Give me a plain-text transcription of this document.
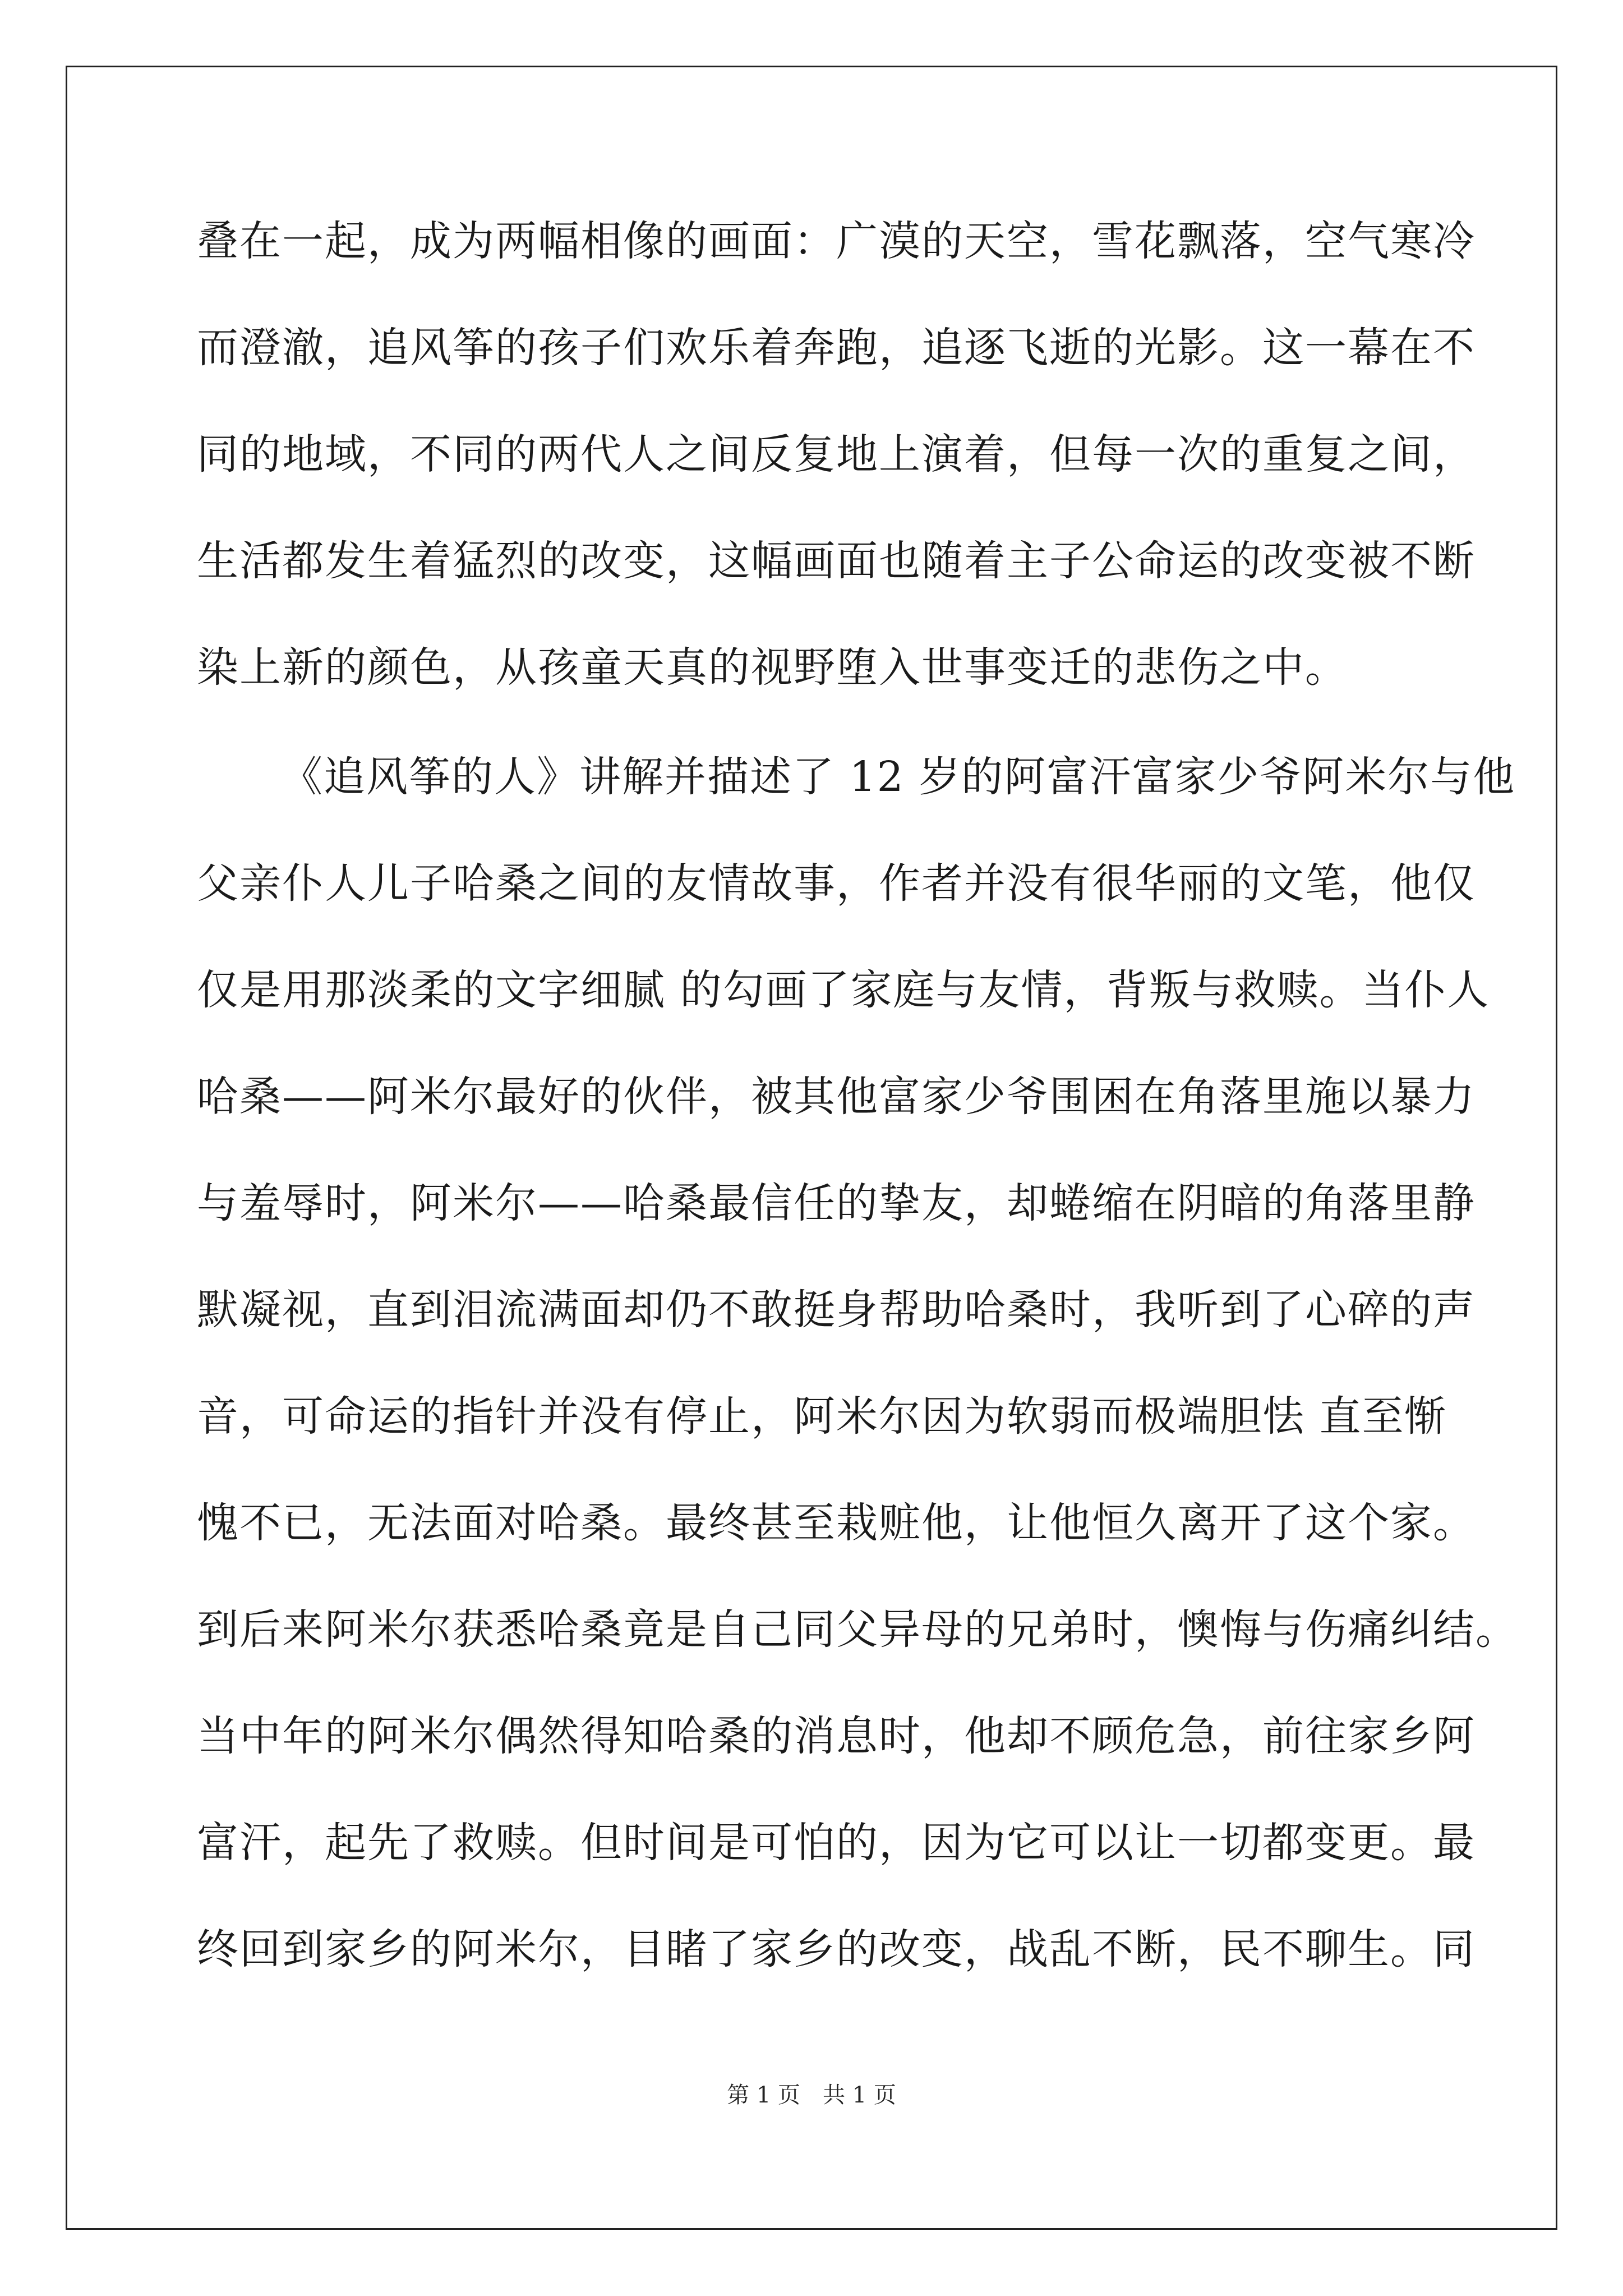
叠在一起，成为两幅相像的画面：广漠的天空，雪花飘落，空气寒冷
而澄澈，追风筝的孩子们欢乐着奔跑，追逐飞逝的光影。这一幕在不
同的地域，不同的两代人之间反复地上演着，但每一次的重复之间，
生活都发生着猛烈的改变，这幅画面也随着主子公命运的改变被不断
染上新的颜色，从孩童天真的视野堕入世事变迁的悲伤之中。
《追风筝的人》讲解并描述了 12 岁的阿富汗富家少爷阿米尔与他
父亲仆人儿子哈桑之间的友情故事，作者并没有很华丽的文笔，他仅
仅是用那淡柔的文字细腻 的勾画了家庭与友情，背叛与救赎。当仆人
哈桑——阿米尔最好的伙伴，被其他富家少爷围困在角落里施以暴力
与羞辱时，阿米尔——哈桑最信任的挚友，却蜷缩在阴暗的角落里静
默凝视，直到泪流满面却仍不敢挺身帮助哈桑时，我听到了心碎的声
音，可命运的指针并没有停止，阿米尔因为软弱而极端胆怯 直至惭
愧不已，无法面对哈桑。最终甚至栽赃他，让他恒久离开了这个家。
到后来阿米尔获悉哈桑竟是自己同父异母的兄弟时，懊悔与伤痛纠结。
当中年的阿米尔偶然得知哈桑的消息时，他却不顾危急，前往家乡阿
富汗，起先了救赎。但时间是可怕的，因为它可以让一切都变更。最
终回到家乡的阿米尔，目睹了家乡的改变，战乱不断，民不聊生。同
第 1 页　共 1 页
